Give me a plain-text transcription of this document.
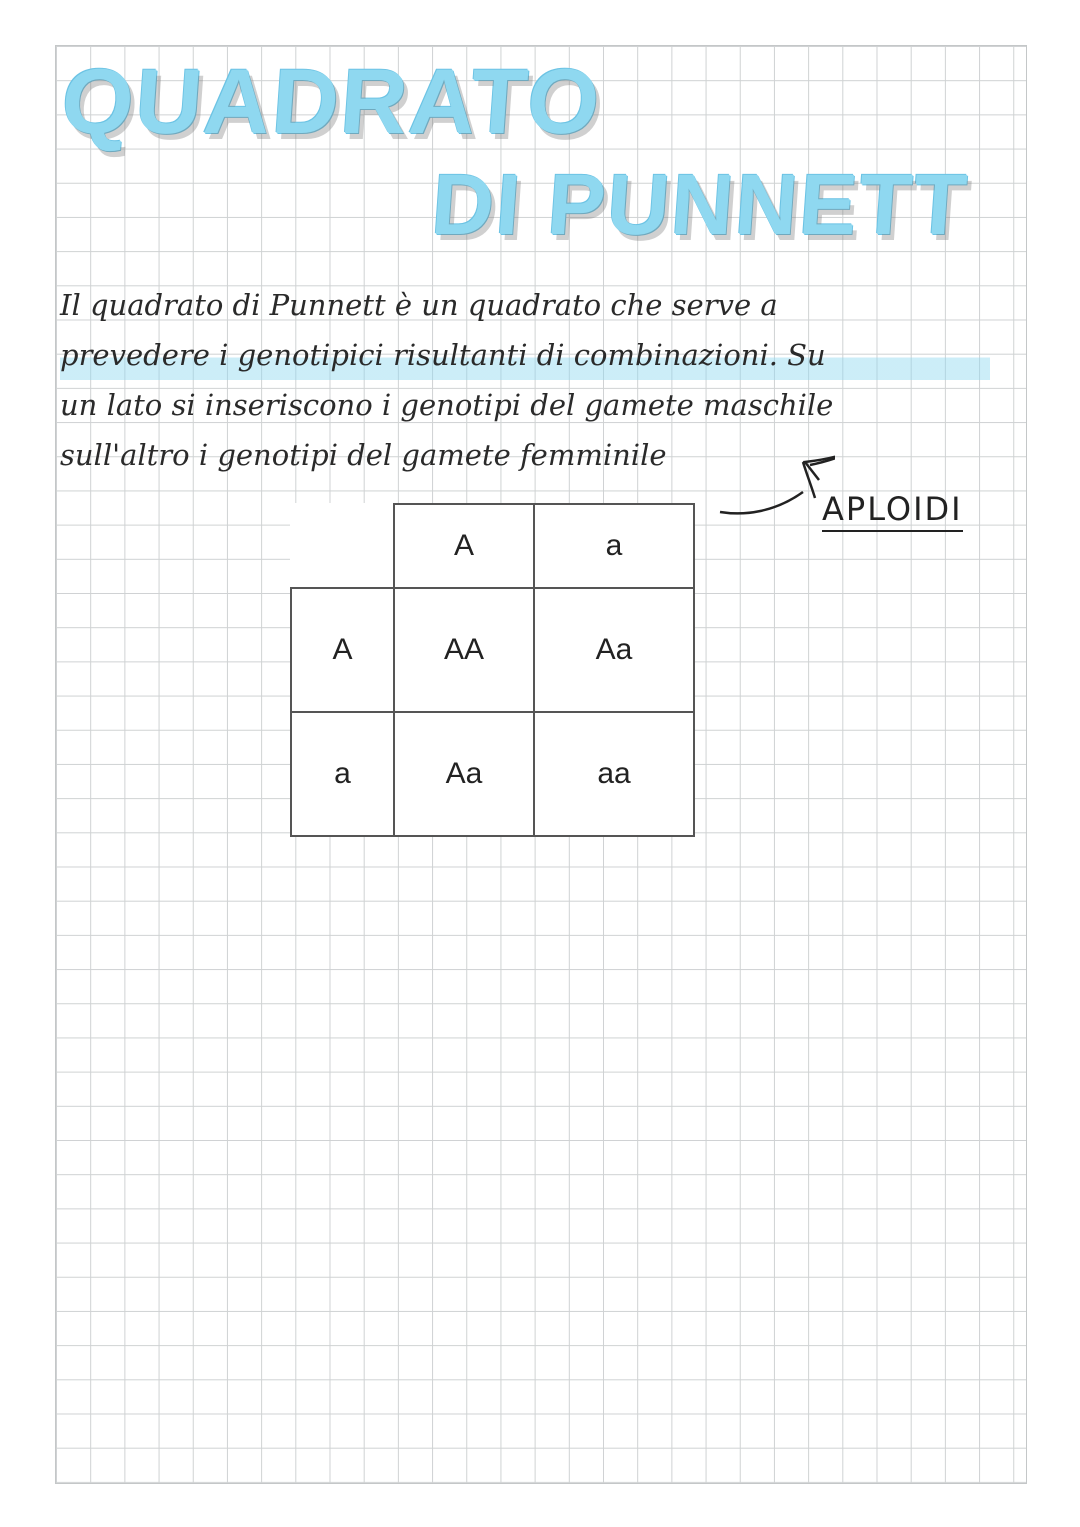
QUADRATO
DI PUNNETT

Il quadrato di Punnett è un quadrato che serve a
prevedere i genotipici risultanti di combinazioni. Su
un lato si inseriscono i genotipi del gamete maschile
sull'altro i genotipi del gamete femminile

APLOIDI

	A	a
A	AA	Aa
a	Aa	aa
